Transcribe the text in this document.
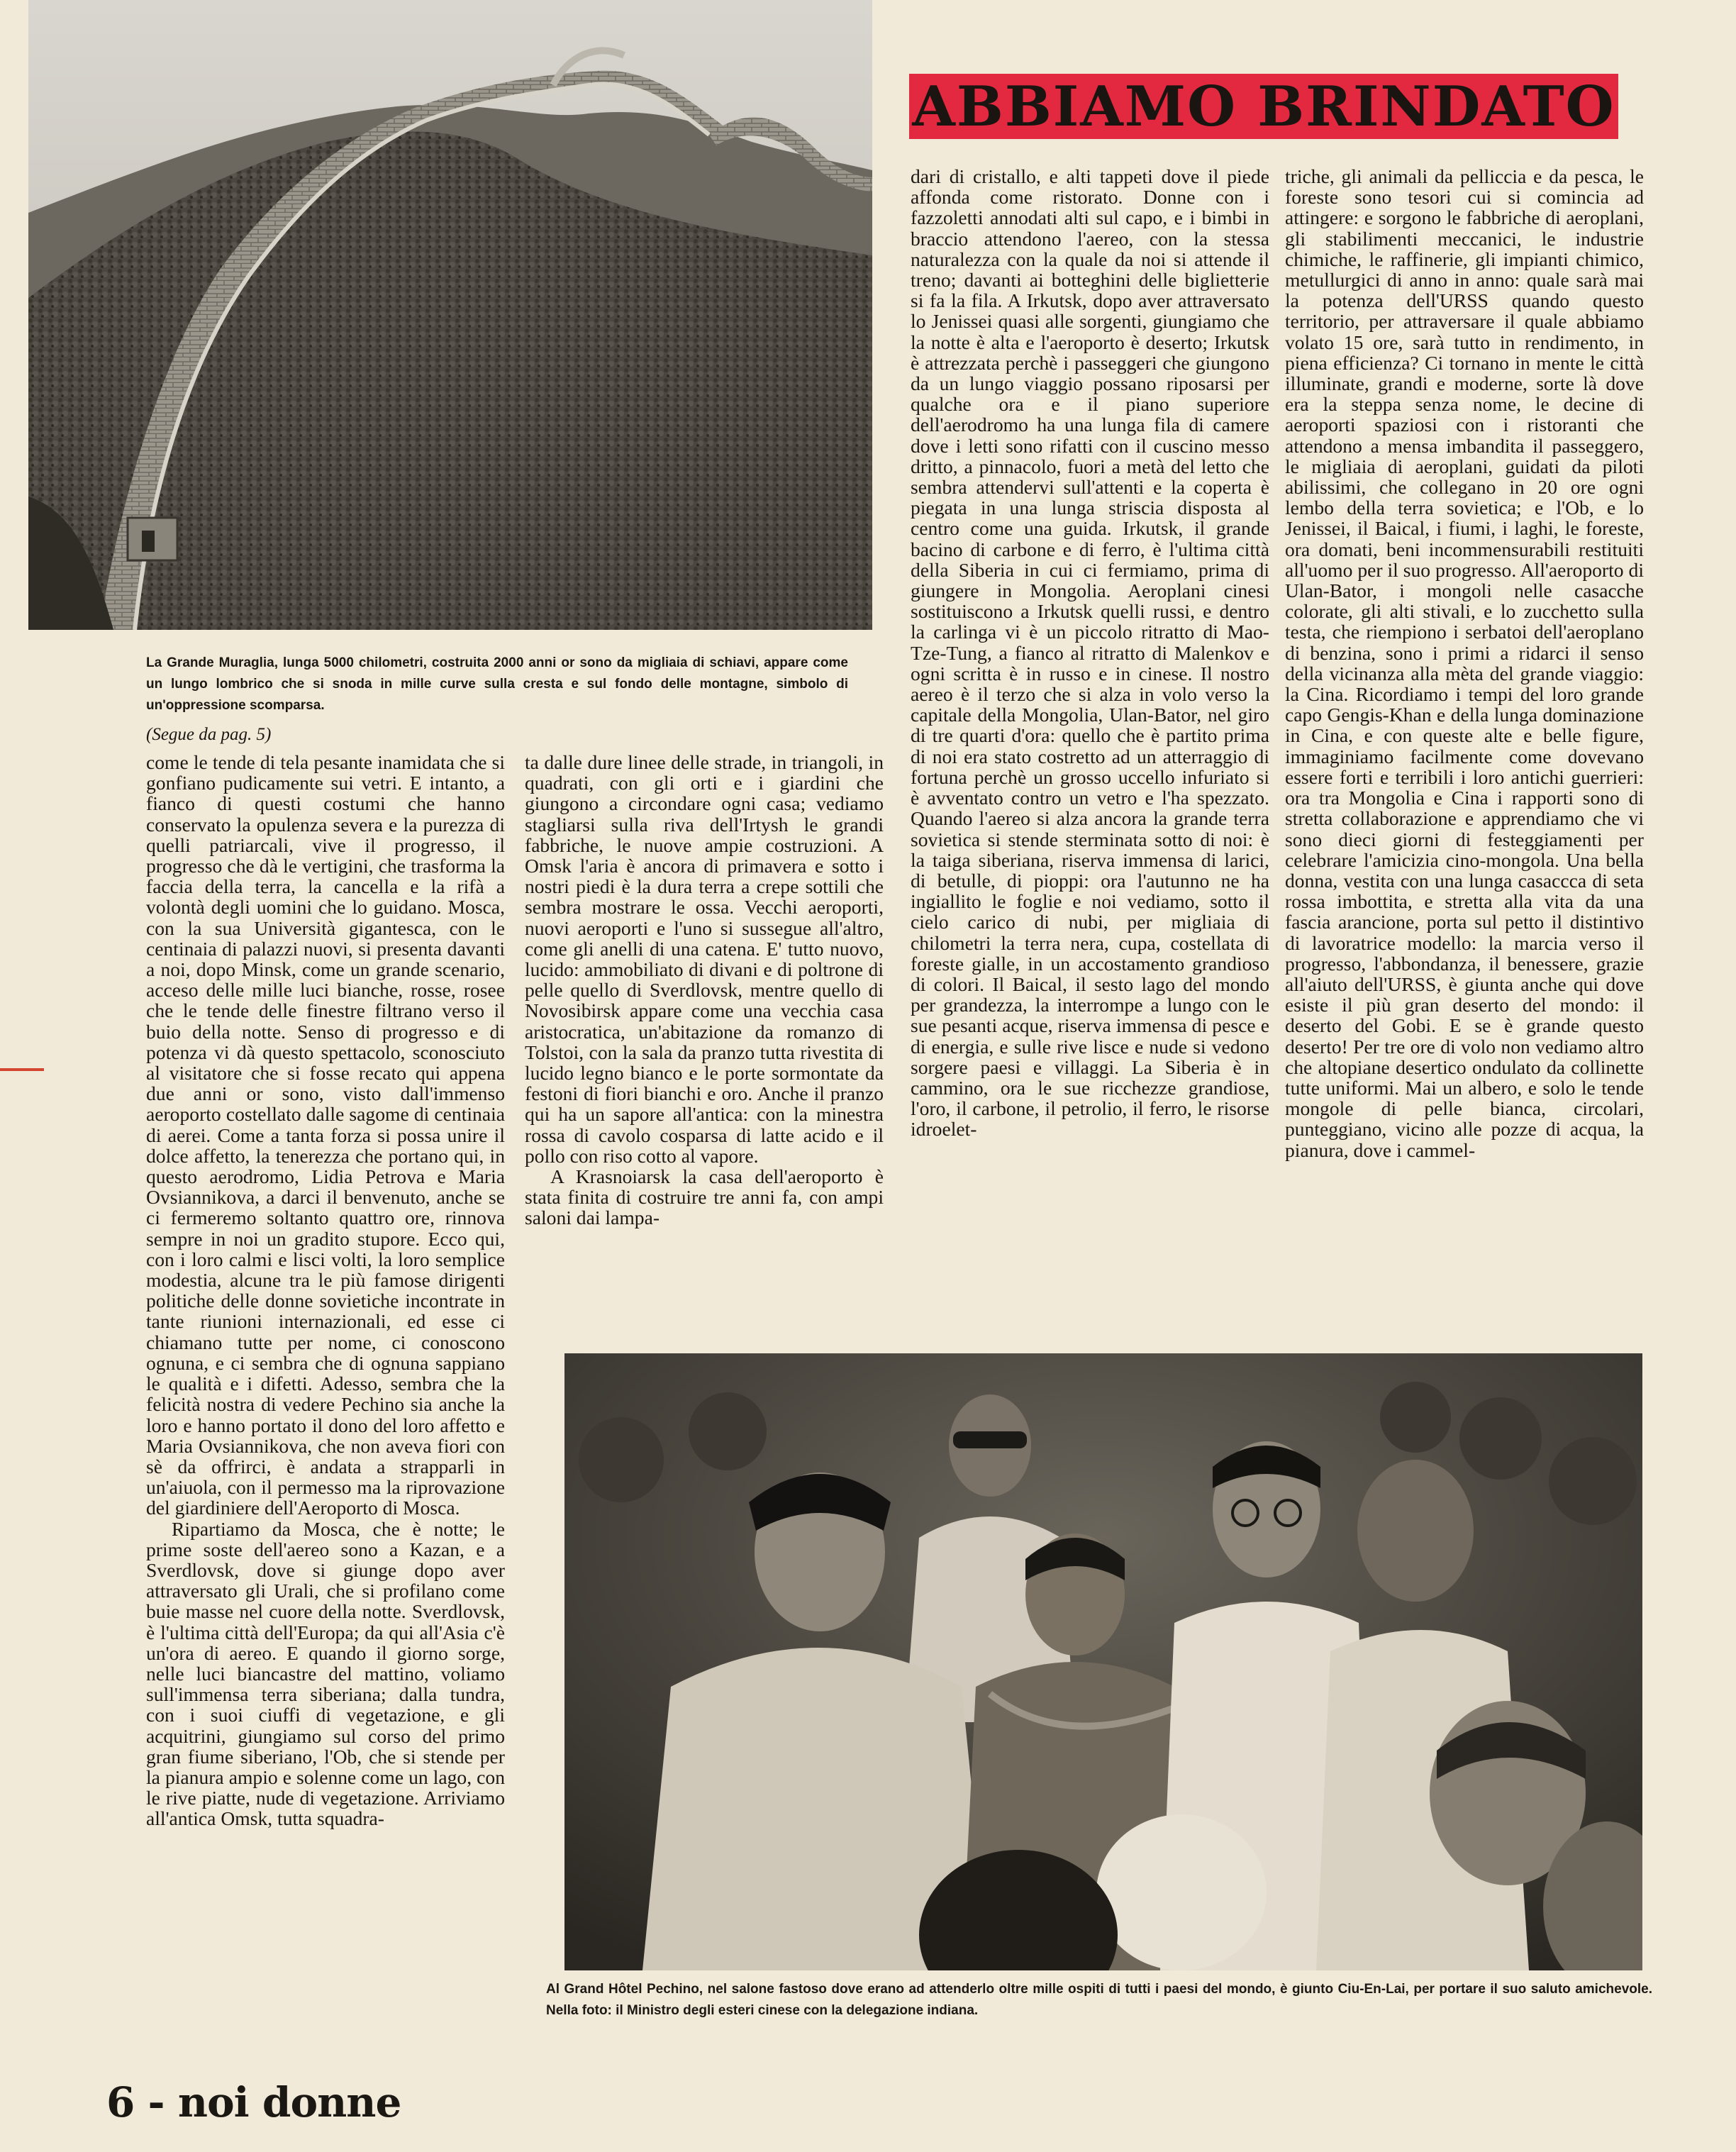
La Grande Muraglia, lunga 5000 chilometri, costruita 2000 anni or sono da migliaia di schiavi, appare come un lungo lombrico che si snoda in mille curve sulla cresta e sul fondo delle montagne, simbolo di un'oppressione scomparsa.
ABBIAMO BRINDATO
(Segue da pag. 5)

come le tende di tela pesante inamidata che si gonfiano pudicamente sui vetri. E intanto, a fianco di questi costumi che hanno conservato la opulenza severa e la purezza di quelli patriarcali, vive il progresso, il progresso che dà le vertigini, che trasforma la faccia della terra, la cancella e la rifà a volontà degli uomini che lo guidano. Mosca, con la sua Università gigantesca, con le centinaia di palazzi nuovi, si presenta davanti a noi, dopo Minsk, come un grande scenario, acceso delle mille luci bianche, rosse, rosee che le tende delle finestre filtrano verso il buio della notte. Senso di progresso e di potenza vi dà questo spettacolo, sconosciuto al visitatore che si fosse recato qui appena due anni or sono, visto dall'immenso aeroporto costellato dalle sagome di centinaia di aerei. Come a tanta forza si possa unire il dolce affetto, la tenerezza che portano qui, in questo aerodromo, Lidia Petrova e Maria Ovsiannikova, a darci il benvenuto, anche se ci fermeremo soltanto quattro ore, rinnova sempre in noi un gradito stupore. Ecco qui, con i loro calmi e lisci volti, la loro semplice modestia, alcune tra le più famose dirigenti politiche delle donne sovietiche incontrate in tante riunioni internazionali, ed esse ci chiamano tutte per nome, ci conoscono ognuna, e ci sembra che di ognuna sappiano le qualità e i difetti. Adesso, sembra che la felicità nostra di vedere Pechino sia anche la loro e hanno portato il dono del loro affetto e Maria Ovsiannikova, che non aveva fiori con sè da offrirci, è andata a strapparli in un'aiuola, con il permesso ma la riprovazione del giardiniere dell'Aeroporto di Mosca.

Ripartiamo da Mosca, che è notte; le prime soste dell'aereo sono a Kazan, e a Sverdlovsk, dove si giunge dopo aver attraversato gli Urali, che si profilano come buie masse nel cuore della notte. Sverdlovsk, è l'ultima città dell'Europa; da qui all'Asia c'è un'ora di aereo. E quando il giorno sorge, nelle luci biancastre del mattino, voliamo sull'immensa terra siberiana; dalla tundra, con i suoi ciuffi di vegetazione, e gli acquitrini, giungiamo sul corso del primo gran fiume siberiano, l'Ob, che si stende per la pianura ampio e solenne come un lago, con le rive piatte, nude di vegetazione. Arriviamo all'antica Omsk, tutta squadra-

ta dalle dure linee delle strade, in triangoli, in quadrati, con gli orti e i giardini che giungono a circondare ogni casa; vediamo stagliarsi sulla riva dell'Irtysh le grandi fabbriche, le nuove ampie costruzioni. A Omsk l'aria è ancora di primavera e sotto i nostri piedi è la dura terra a crepe sottili che sembra mostrare le ossa. Vecchi aeroporti, nuovi aeroporti e l'uno si sussegue all'altro, come gli anelli di una catena. E' tutto nuovo, lucido: ammobiliato di divani e di poltrone di pelle quello di Sverdlovsk, mentre quello di Novosibirsk appare come una vecchia casa aristocratica, un'abitazione da romanzo di Tolstoi, con la sala da pranzo tutta rivestita di lucido legno bianco e le porte sormontate da festoni di fiori bianchi e oro. Anche il pranzo qui ha un sapore all'antica: con la minestra rossa di cavolo cosparsa di latte acido e il pollo con riso cotto al vapore.

A Krasnoiarsk la casa dell'aeroporto è stata finita di costruire tre anni fa, con ampi saloni dai lampa-

dari di cristallo, e alti tappeti dove il piede affonda come ristorato. Donne con i fazzoletti annodati alti sul capo, e i bimbi in braccio attendono l'aereo, con la stessa naturalezza con la quale da noi si attende il treno; davanti ai botteghini delle biglietterie si fa la fila. A Irkutsk, dopo aver attraversato lo Jenissei quasi alle sorgenti, giungiamo che la notte è alta e l'aeroporto è deserto; Irkutsk è attrezzata perchè i passeggeri che giungono da un lungo viaggio possano riposarsi per qualche ora e il piano superiore dell'aerodromo ha una lunga fila di camere dove i letti sono rifatti con il cuscino messo dritto, a pinnacolo, fuori a metà del letto che sembra attendervi sull'attenti e la coperta è piegata in una lunga striscia disposta al centro come una guida. Irkutsk, il grande bacino di carbone e di ferro, è l'ultima città della Siberia in cui ci fermiamo, prima di giungere in Mongolia. Aeroplani cinesi sostituiscono a Irkutsk quelli russi, e dentro la carlinga vi è un piccolo ritratto di Mao-Tze-Tung, a fianco al ritratto di Malenkov e ogni scritta è in russo e in cinese. Il nostro aereo è il terzo che si alza in volo verso la capitale della Mongolia, Ulan-Bator, nel giro di tre quarti d'ora: quello che è partito prima di noi era stato costretto ad un atterraggio di fortuna perchè un grosso uccello infuriato si è avventato contro un vetro e l'ha spezzato. Quando l'aereo si alza ancora la grande terra sovietica si stende sterminata sotto di noi: è la taiga siberiana, riserva immensa di larici, di betulle, di pioppi: ora l'autunno ne ha ingiallito le foglie e noi vediamo, sotto il cielo carico di nubi, per migliaia di chilometri la terra nera, cupa, costellata di foreste gialle, in un accostamento grandioso di colori. Il Baical, il sesto lago del mondo per grandezza, la interrompe a lungo con le sue pesanti acque, riserva immensa di pesce e di energia, e sulle rive lisce e nude si vedono sorgere paesi e villaggi. La Siberia è in cammino, ora le sue ricchezze grandiose, l'oro, il carbone, il petrolio, il ferro, le risorse idroelet-

triche, gli animali da pelliccia e da pesca, le foreste sono tesori cui si comincia ad attingere: e sorgono le fabbriche di aeroplani, gli stabilimenti meccanici, le industrie chimiche, le raffinerie, gli impianti chimico, metullurgici di anno in anno: quale sarà mai la potenza dell'URSS quando questo territorio, per attraversare il quale abbiamo volato 15 ore, sarà tutto in rendimento, in piena efficienza? Ci tornano in mente le città illuminate, grandi e moderne, sorte là dove era la steppa senza nome, le decine di aeroporti spaziosi con i ristoranti che attendono a mensa imbandita il passeggero, le migliaia di aeroplani, guidati da piloti abilissimi, che collegano in 20 ore ogni lembo della terra sovietica; e l'Ob, e lo Jenissei, il Baical, i fiumi, i laghi, le foreste, ora domati, beni incommensurabili restituiti all'uomo per il suo progresso. All'aeroporto di Ulan-Bator, i mongoli nelle casacche colorate, gli alti stivali, e lo zucchetto sulla testa, che riempiono i serbatoi dell'aeroplano di benzina, sono i primi a ridarci il senso della vicinanza alla mèta del grande viaggio: la Cina. Ricordiamo i tempi del loro grande capo Gengis-Khan e della lunga dominazione in Cina, e con queste alte e belle figure, immaginiamo facilmente come dovevano essere forti e terribili i loro antichi guerrieri: ora tra Mongolia e Cina i rapporti sono di stretta collaborazione e apprendiamo che vi sono dieci giorni di festeggiamenti per celebrare l'amicizia cino-mongola. Una bella donna, vestita con una lunga casaccca di seta rossa imbottita, e stretta alla vita da una fascia arancione, porta sul petto il distintivo di lavoratrice modello: la marcia verso il progresso, l'abbondanza, il benessere, grazie all'aiuto dell'URSS, è giunta anche qui dove esiste il più gran deserto del mondo: il deserto del Gobi. E se è grande questo deserto! Per tre ore di volo non vediamo altro che altopiane desertico ondulato da collinette tutte uniformi. Mai un albero, e solo le tende mongole di pelle bianca, circolari, punteggiano, vicino alle pozze di acqua, la pianura, dove i cammel-

Al Grand Hôtel Pechino, nel salone fastoso dove erano ad attenderlo oltre mille ospiti di tutti i paesi del mondo, è giunto Ciu-En-Lai, per portare il suo saluto amichevole. Nella foto: il Ministro degli esteri cinese con la delegazione indiana.
6 - noi donne
